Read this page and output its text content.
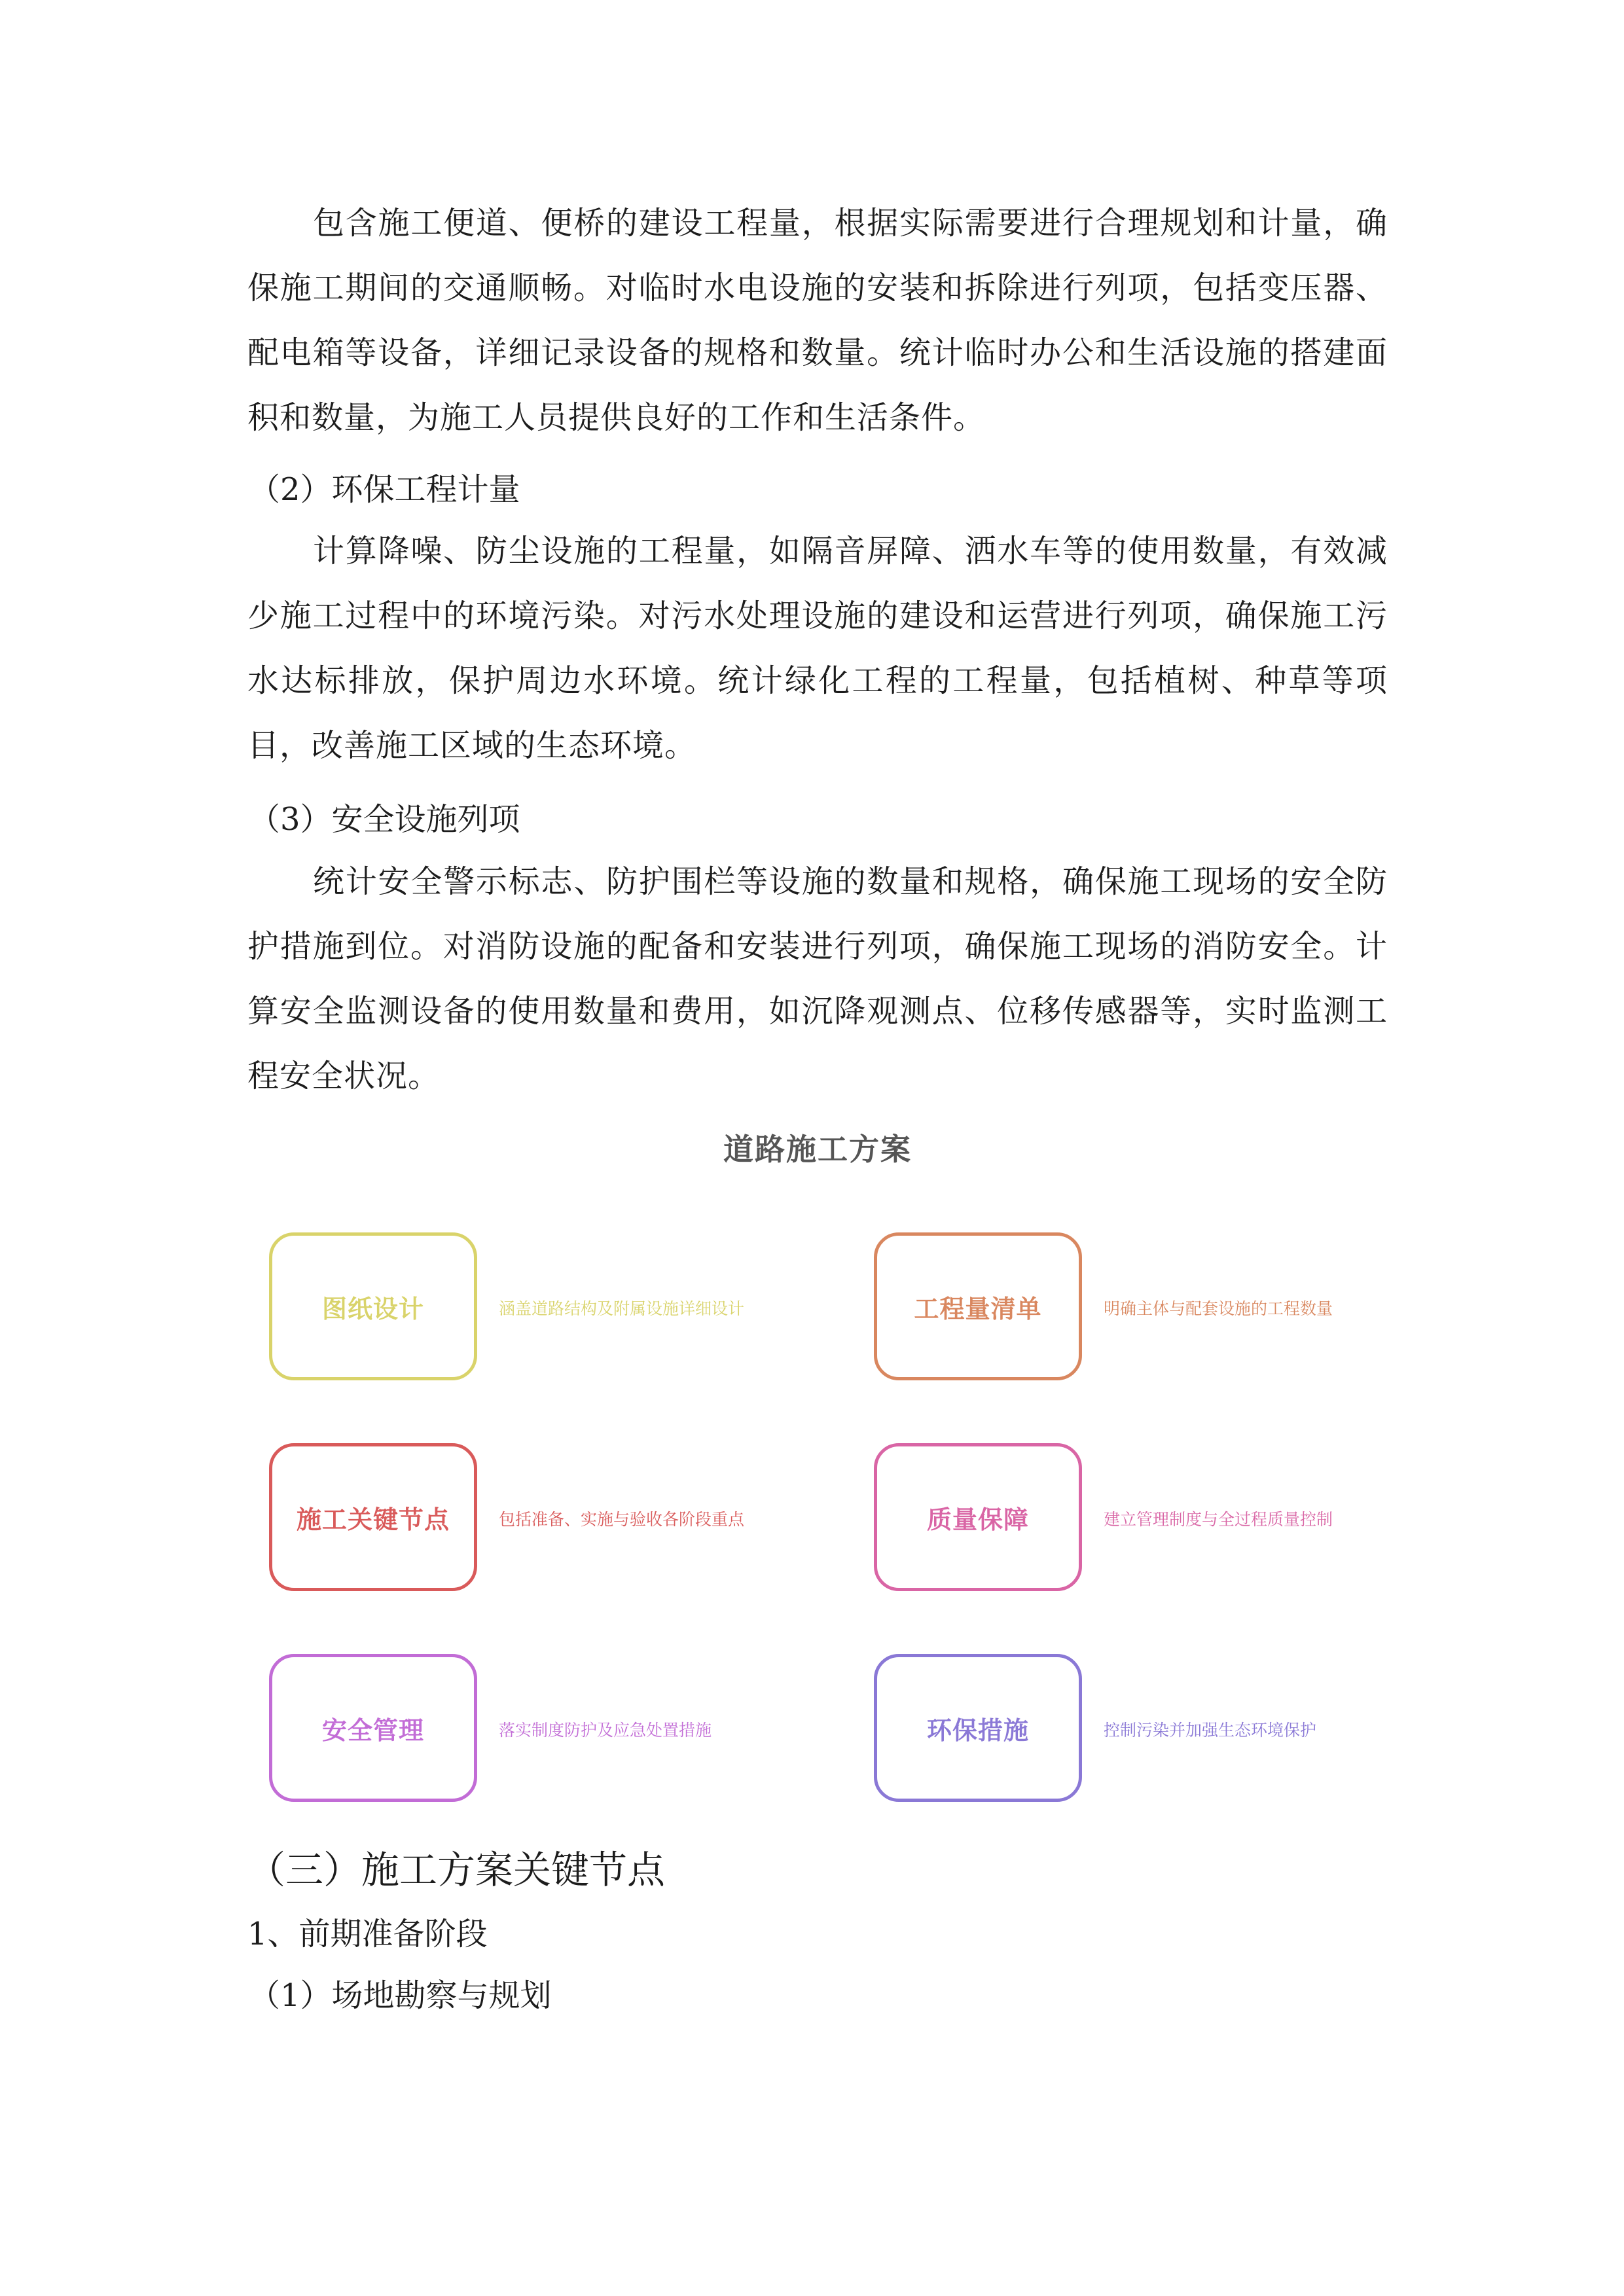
包含施工便道、便桥的建设工程量，根据实际需要进行合理规划和计量，确保施工期间的交通顺畅。对临时水电设施的安装和拆除进行列项，包括变压器、配电箱等设备，详细记录设备的规格和数量。统计临时办公和生活设施的搭建面积和数量，为施工人员提供良好的工作和生活条件。

（2）环保工程计量

计算降噪、防尘设施的工程量，如隔音屏障、洒水车等的使用数量，有效减少施工过程中的环境污染。对污水处理设施的建设和运营进行列项，确保施工污水达标排放，保护周边水环境。统计绿化工程的工程量，包括植树、种草等项目，改善施工区域的生态环境。

（3）安全设施列项

统计安全警示标志、防护围栏等设施的数量和规格，确保施工现场的安全防护措施到位。对消防设施的配备和安装进行列项，确保施工现场的消防安全。计算安全监测设备的使用数量和费用，如沉降观测点、位移传感器等，实时监测工程安全状况。

道路施工方案
图纸设计	涵盖道路结构及附属设施详细设计	工程量清单	明确主体与配套设施的工程数量
施工关键节点	包括准备、实施与验收各阶段重点	质量保障	建立管理制度与全过程质量控制
安全管理	落实制度防护及应急处置措施	环保措施	控制污染并加强生态环境保护

（三）施工方案关键节点

1、前期准备阶段

（1）场地勘察与规划
